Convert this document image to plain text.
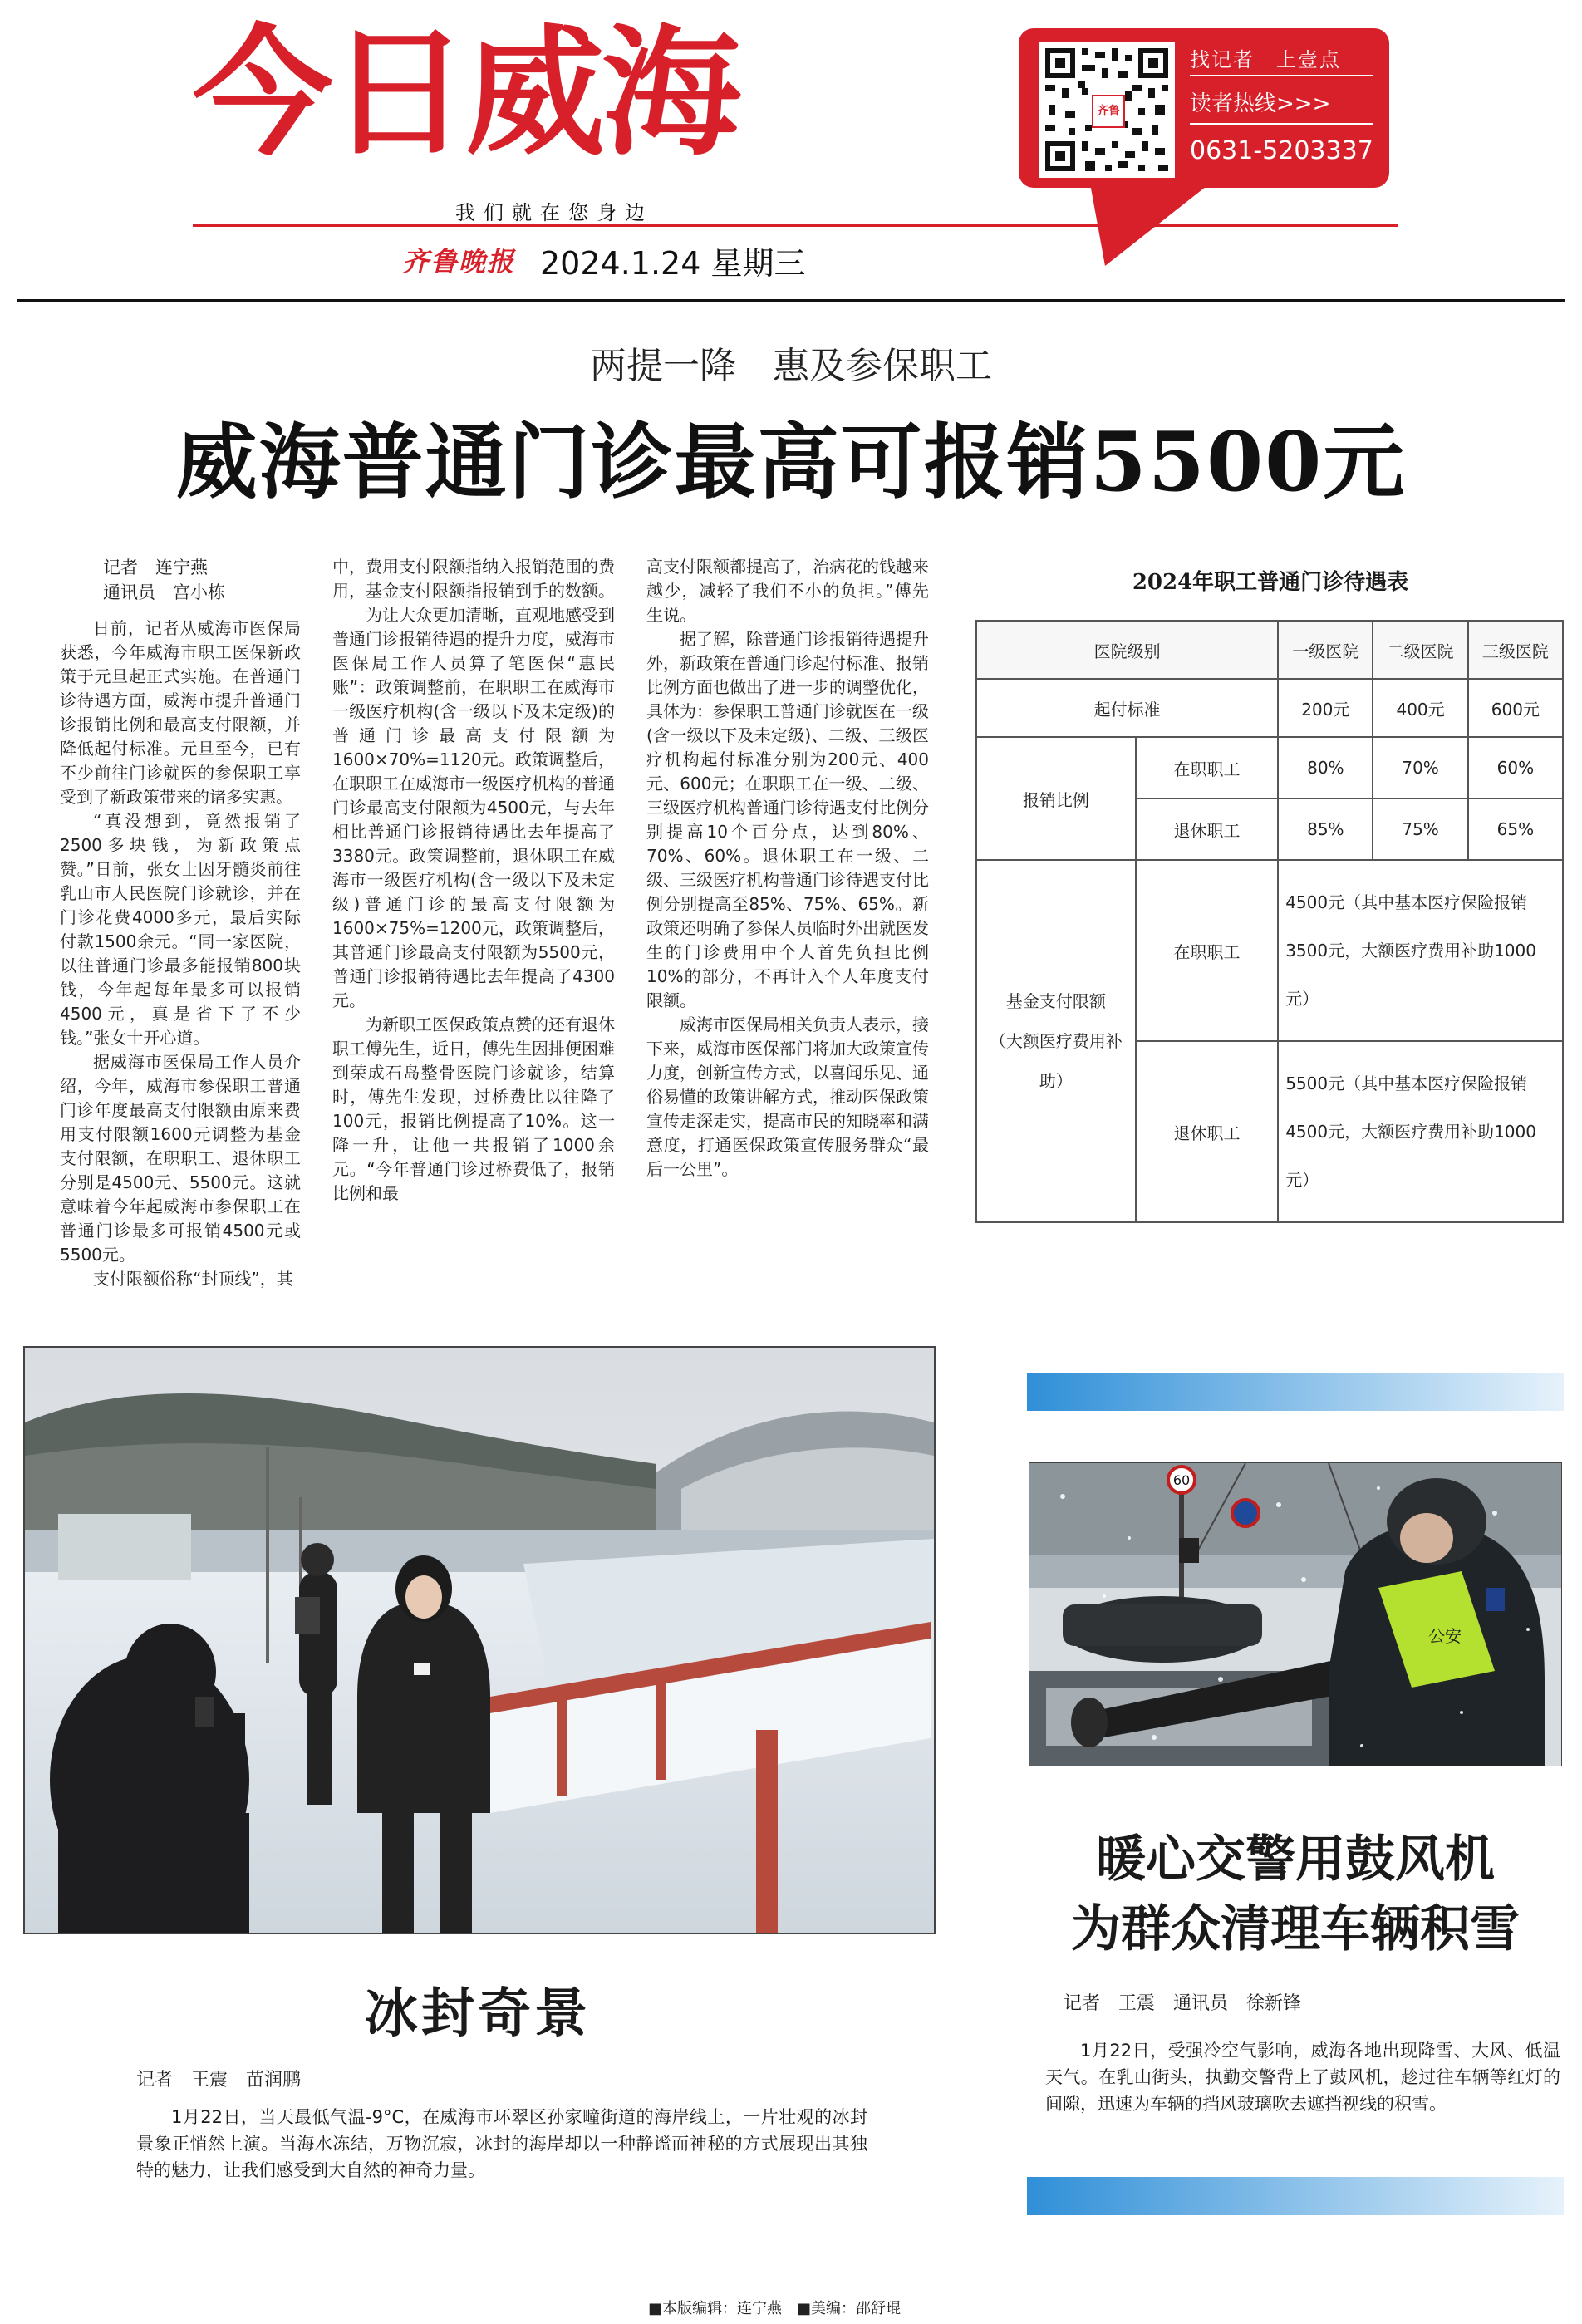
今日威海
我们就在您身边
齐鲁晚报 2024.1.24 星期三
齐鲁
找记者　上壹点
读者热线>>>
0631-5203337
两提一降　惠及参保职工
威海普通门诊最高可报销5500元
记者　连宁燕
通讯员　宫小栋

日前，记者从威海市医保局获悉，今年威海市职工医保新政策于元旦起正式实施。在普通门诊待遇方面，威海市提升普通门诊报销比例和最高支付限额，并降低起付标准。元旦至今，已有不少前往门诊就医的参保职工享受到了新政策带来的诸多实惠。

“真没想到，竟然报销了2500多块钱，为新政策点赞。”日前，张女士因牙髓炎前往乳山市人民医院门诊就诊，并在门诊花费4000多元，最后实际付款1500余元。“同一家医院，以往普通门诊最多能报销800块钱，今年起每年最多可以报销4500元，真是省下了不少钱。”张女士开心道。

据威海市医保局工作人员介绍，今年，威海市参保职工普通门诊年度最高支付限额由原来费用支付限额1600元调整为基金支付限额，在职职工、退休职工分别是4500元、5500元。这就意味着今年起威海市参保职工在普通门诊最多可报销4500元或5500元。

支付限额俗称“封顶线”，其

中，费用支付限额指纳入报销范围的费用，基金支付限额指报销到手的数额。

为让大众更加清晰，直观地感受到普通门诊报销待遇的提升力度，威海市医保局工作人员算了笔医保“惠民账”：政策调整前，在职职工在威海市一级医疗机构(含一级以下及未定级)的普通门诊最高支付限额为1600×70%=1120元。政策调整后，在职职工在威海市一级医疗机构的普通门诊最高支付限额为4500元，与去年相比普通门诊报销待遇比去年提高了3380元。政策调整前，退休职工在威海市一级医疗机构(含一级以下及未定级)普通门诊的最高支付限额为1600×75%=1200元，政策调整后，其普通门诊最高支付限额为5500元，普通门诊报销待遇比去年提高了4300元。

为新职工医保政策点赞的还有退休职工傅先生，近日，傅先生因排便困难到荣成石岛整骨医院门诊就诊，结算时，傅先生发现，过桥费比以往降了100元，报销比例提高了10%。这一降一升，让他一共报销了1000余元。“今年普通门诊过桥费低了，报销比例和最

高支付限额都提高了，治病花的钱越来越少，减轻了我们不小的负担。”傅先生说。

据了解，除普通门诊报销待遇提升外，新政策在普通门诊起付标准、报销比例方面也做出了进一步的调整优化，具体为：参保职工普通门诊就医在一级(含一级以下及未定级)、二级、三级医疗机构起付标准分别为200元、400元、600元；在职职工在一级、二级、三级医疗机构普通门诊待遇支付比例分别提高10个百分点，达到80%、70%、60%。退休职工在一级、二级、三级医疗机构普通门诊待遇支付比例分别提高至85%、75%、65%。新政策还明确了参保人员临时外出就医发生的门诊费用中个人首先负担比例10%的部分，不再计入个人年度支付限额。

威海市医保局相关负责人表示，接下来，威海市医保部门将加大政策宣传力度，创新宣传方式，以喜闻乐见、通俗易懂的政策讲解方式，推动医保政策宣传走深走实，提高市民的知晓率和满意度，打通医保政策宣传服务群众“最后一公里”。

2024年职工普通门诊待遇表
医院级别		一级医院	二级医院	三级医院
起付标准		200元	400元	600元
报销比例	在职职工	80%	70%	60%
	退休职工	85%	75%	65%

基金支付限额
（大额医疗费用补助）	在职职工	4500元（其中基本医疗保险报销3500元，大额医疗费用补助1000元）		
	退休职工	5500元（其中基本医疗保险报销4500元，大额医疗费用补助1000元）		
冰封奇景
记者　王震　苗润鹏
1月22日，当天最低气温-9°C，在威海市环翠区孙家疃街道的海岸线上，一片壮观的冰封景象正悄然上演。当海水冻结，万物沉寂，冰封的海岸却以一种静谧而神秘的方式展现出其独特的魅力，让我们感受到大自然的神奇力量。
60
公安
暖心交警用鼓风机
为群众清理车辆积雪
记者　王震　通讯员　徐新锋
1月22日，受强冷空气影响，威海各地出现降雪、大风、低温天气。在乳山街头，执勤交警背上了鼓风机，趁过往车辆等红灯的间隙，迅速为车辆的挡风玻璃吹去遮挡视线的积雪。
■本版编辑：连宁燕　■美编：邵舒琨
